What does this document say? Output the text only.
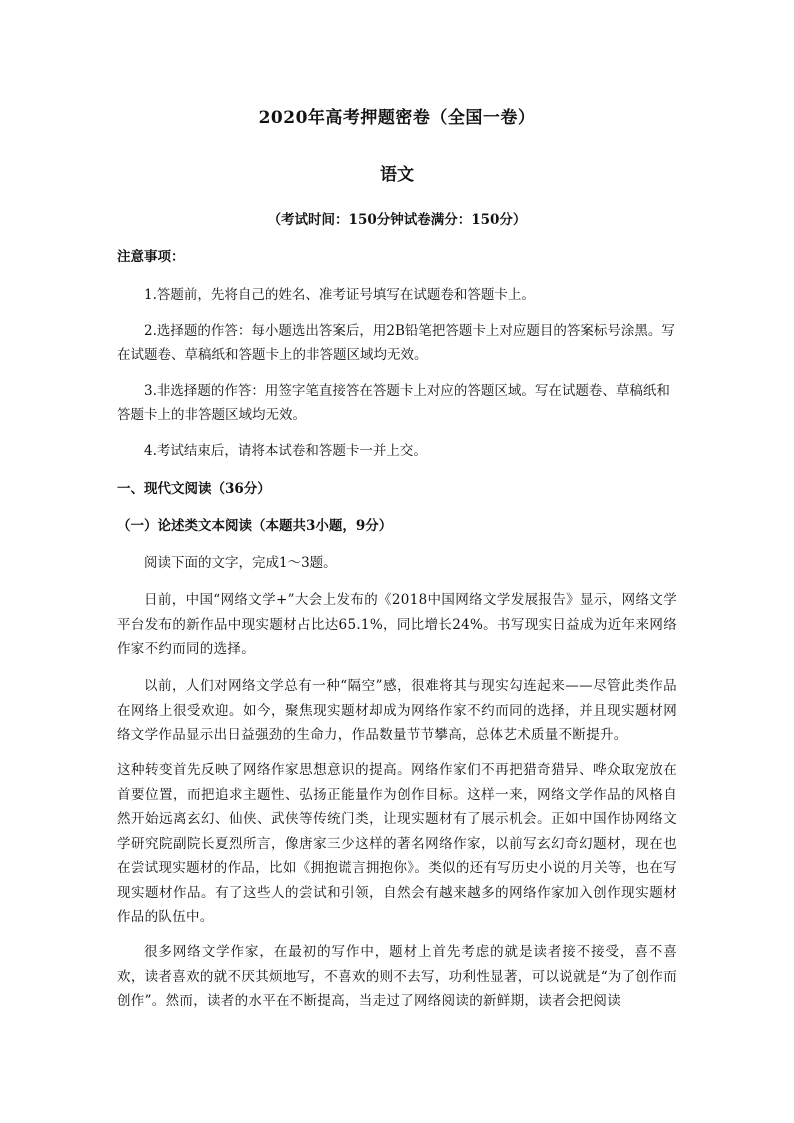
2020年高考押题密卷（全国一卷）
语文
（考试时间：150分钟试卷满分：150分）
注意事项：
1.答题前，先将自己的姓名、准考证号填写在试题卷和答题卡上。
2.选择题的作答：每小题选出答案后，用2B铅笔把答题卡上对应题目的答案标号涂黑。写在试题卷、草稿纸和答题卡上的非答题区域均无效。
3.非选择题的作答：用签字笔直接答在答题卡上对应的答题区域。写在试题卷、草稿纸和答题卡上的非答题区域均无效。
4.考试结束后，请将本试卷和答题卡一并上交。
一、现代文阅读（36分）
（一）论述类文本阅读（本题共3小题，9分）
阅读下面的文字，完成1～3题。
日前，中国“网络文学+”大会上发布的《2018中国网络文学发展报告》显示，网络文学平台发布的新作品中现实题材占比达65.1%，同比增长24%。书写现实日益成为近年来网络作家不约而同的选择。
以前，人们对网络文学总有一种“隔空”感，很难将其与现实勾连起来——尽管此类作品在网络上很受欢迎。如今，聚焦现实题材却成为网络作家不约而同的选择，并且现实题材网络文学作品显示出日益强劲的生命力，作品数量节节攀高，总体艺术质量不断提升。
这种转变首先反映了网络作家思想意识的提高。网络作家们不再把猎奇猎异、哗众取宠放在首要位置，而把追求主题性、弘扬正能量作为创作目标。这样一来，网络文学作品的风格自然开始远离玄幻、仙侠、武侠等传统门类，让现实题材有了展示机会。正如中国作协网络文学研究院副院长夏烈所言，像唐家三少这样的著名网络作家，以前写玄幻奇幻题材，现在也在尝试现实题材的作品，比如《拥抱谎言拥抱你》。类似的还有写历史小说的月关等，也在写现实题材作品。有了这些人的尝试和引领，自然会有越来越多的网络作家加入创作现实题材作品的队伍中。
很多网络文学作家，在最初的写作中，题材上首先考虑的就是读者接不接受，喜不喜欢，读者喜欢的就不厌其烦地写，不喜欢的则不去写，功利性显著，可以说就是“为了创作而创作”。然而，读者的水平在不断提高，当走过了网络阅读的新鲜期，读者会把阅读
